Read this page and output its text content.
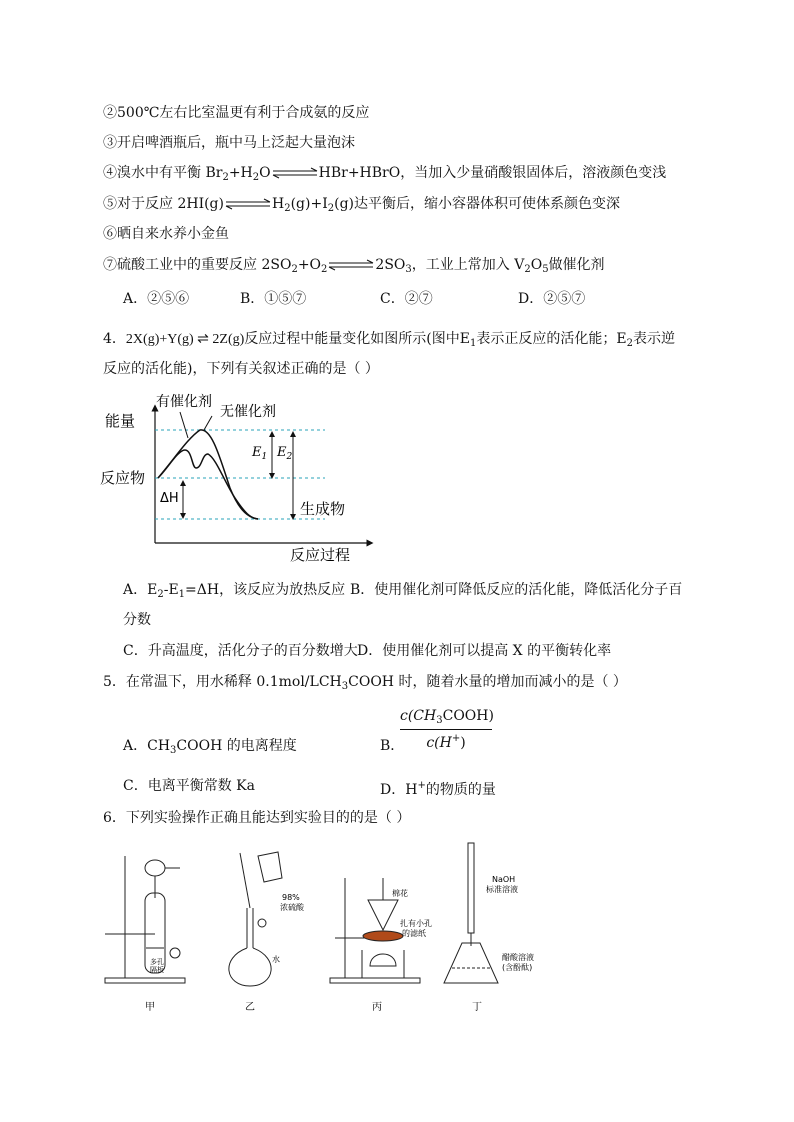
②500℃左右比室温更有利于合成氨的反应
③开启啤酒瓶后，瓶中马上泛起大量泡沫
④溴水中有平衡 $Br_2+H_2O\rightleftharpoons HBr+HBrO$，当加入少量硝酸银固体后，溶液颜色变浅
⑤对于反应 $2HI(g)\rightleftharpoons H_2(g)+I_2(g)$达平衡后，缩小容器体积可使体系颜色变深
⑥晒自来水养小金鱼
⑦硫酸工业中的重要反应 $2SO_2+O_2\rightleftharpoons 2SO_3$，工业上常加入 $V_2O_5$做催化剂
A．②⑤⑥	B．①⑤⑦	C．②⑦	D．②⑤⑦
4．2X(g)+Y(g) ⇌ 2Z(g)反应过程中能量变化如图所示(图中$E_1$表示正反应的活化能；$E_2$表示逆
反应的活化能)，下列有关叙述正确的是（ ）
能量
反应物
ΔH
生成物
反应过程
有催化剂
无催化剂
$E_1$ $E_2$
A．$E_2-E_1=\Delta H$，该反应为放热反应 B．使用催化剂可降低反应的活化能，降低活化分子百
分数
C．升高温度，活化分子的百分数增大 D．使用催化剂可以提高 X 的平衡转化率
5．在常温下，用水稀释 $0.1mol/LCH_3COOH$ 时，随着水量的增加而减小的是（ ）
A．$CH_3COOH$ 的电离程度	B．
$c(CH_3COOH)$
c(H+)
C．电离平衡常数 Ka	D．H+的物质的量
6．下列实验操作正确且能达到实验目的的是（ ）
多孔
隔板
甲
98%
浓硫酸
水
乙
棉花
扎有小孔
的滤纸
丙
NaOH
标准溶液
醋酸溶液
(含酚酞)
丁
